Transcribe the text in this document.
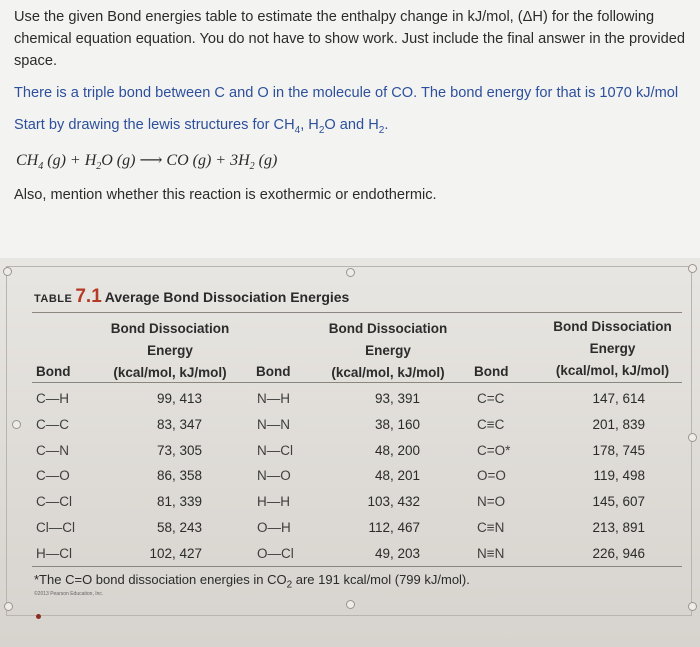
Use the given Bond energies table to estimate the enthalpy change in kJ/mol, (ΔH) for the following chemical equation equation. You do not have to show work. Just include the final answer in the provided space.

There is a triple bond between C and O in the molecule of CO. The bond energy for that is 1070 kJ/mol

Start by drawing the lewis structures for $CH_4$, $H_2O$ and $H_2$.

$CH_4$ $(g) + H_2O$ (g) ⟶ CO $(g) + 3H_2$ (g)

Also, mention whether this reaction is exothermic or endothermic.

TABLE 7.1 Average Bond Dissociation Energies
Bond Dissociation
Energy
(kcal/mol, kJ/mol)
Bond
Bond Dissociation
Energy
(kcal/mol, kJ/mol)
Bond
Bond Dissociation
Energy
(kcal/mol, kJ/mol)
Bond
C—H
C—C
C—N
C—O
C—Cl
Cl—Cl
H—Cl
99, 413
83, 347
73, 305
86, 358
81, 339
58, 243
102, 427
N—H
N—N
N—Cl
N—O
H—H
O—H
O—Cl
93, 391
38, 160
48, 200
48, 201
103, 432
112, 467
49, 203
C=C
C≡C
C=O*
O=O
N=O
C≡N
N≡N
147, 614
201, 839
178, 745
119, 498
145, 607
213, 891
226, 946
*The C=O bond dissociation energies in $CO_2$ are 191 kcal/mol (799 kJ/mol).
©2013 Pearson Education, Inc.
